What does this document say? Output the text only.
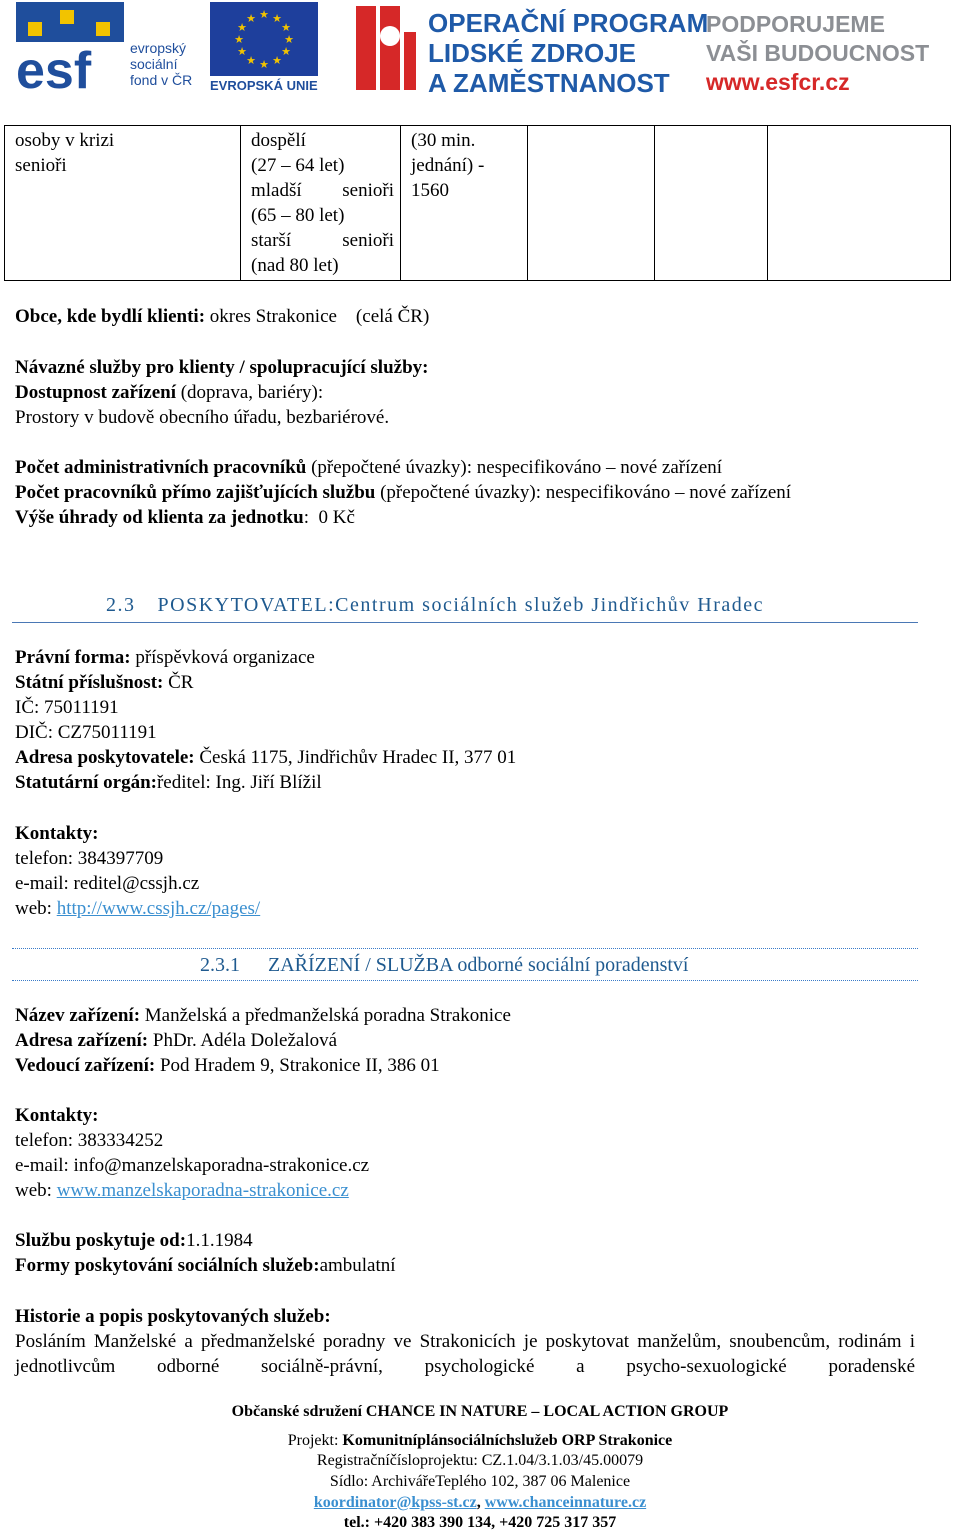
esf	evropský
sociální
fond v ČR
★ ★
★
★
★
★
★
★
★
★
★
★
EVROPSKÁ UNIE
OPERAČNÍ PROGRAM
LIDSKÉ ZDROJE
A ZAMĚSTNANOST
PODPORUJEME
VAŠI BUDOUCNOST
www.esfcr.cz
osoby v krizi
senioři

dospělí
(27 – 64 let)
mladší senioři
(65 – 80 let)
starší senioři
(nad 80 let)

(30 min.
jednání) -
1560

Obce, kde bydlí klienti: okres Strakonice    (celá ČR)
Návazné služby pro klienty / spolupracující služby:
Dostupnost zařízení (doprava, bariéry):
Prostory v budově obecního úřadu, bezbariérové.
Počet administrativních pracovníků (přepočtené úvazky): nespecifikováno – nové zařízení
Počet pracovníků přímo zajišťujících službu (přepočtené úvazky): nespecifikováno – nové zařízení
Výše úhrady od klienta za jednotku:  0 Kč
2.3 POSKYTOVATEL:Centrum sociálních služeb Jindřichův Hradec
Právní forma: příspěvková organizace
Státní příslušnost: ČR
IČ: 75011191
DIČ: CZ75011191
Adresa poskytovatele: Česká 1175, Jindřichův Hradec II, 377 01
Statutární orgán:ředitel: Ing. Jiří Blížil
Kontakty:
telefon: 384397709
e-mail: reditel@cssjh.cz
web: http://www.cssjh.cz/pages/
2.3.1 ZAŘÍZENÍ / SLUŽBA odborné sociální poradenství
Název zařízení: Manželská a předmanželská poradna Strakonice
Adresa zařízení: PhDr. Adéla Doležalová
Vedoucí zařízení: Pod Hradem 9, Strakonice II, 386 01
Kontakty:
telefon: 383334252
e-mail: info@manzelskaporadna-strakonice.cz
web: www.manzelskaporadna-strakonice.cz
Službu poskytuje od:1.1.1984
Formy poskytování sociálních služeb:ambulatní
Historie a popis poskytovaných služeb:
Posláním Manželské a předmanželské poradny ve Strakonicích je poskytovat manželům, snoubencům, rodinám i jednotlivcům odborné sociálně-právní, psychologické a psycho-sexuologické poradenské
Občanské sdružení CHANCE IN NATURE – LOCAL ACTION GROUP
Projekt: Komunitníplánsociálníchslužeb ORP Strakonice
Registračníčísloprojektu: CZ.1.04/3.1.03/45.00079
Sídlo: ArchivářeTeplého 102, 387 06 Malenice
koordinator@kpss-st.cz, www.chanceinnature.cz
tel.: +420 383 390 134, +420 725 317 357
